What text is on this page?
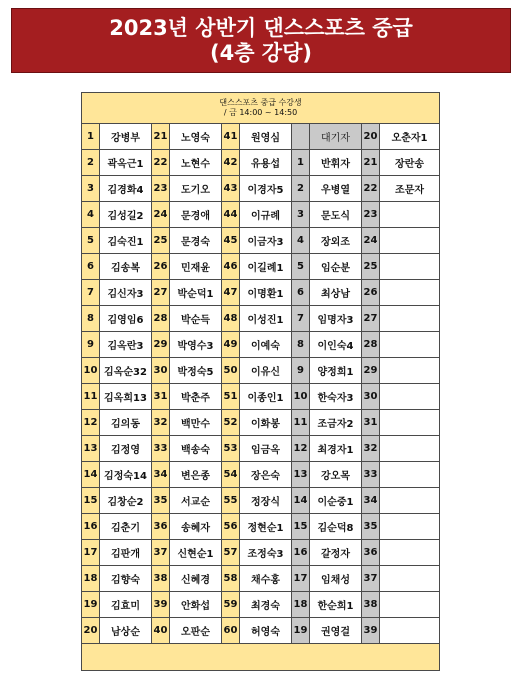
2023년 상반기 댄스스포츠 중급
(4층 강당)
댄스스포츠 중급 수강생
/ 금 14:00 ~ 14:50									

1	강병부	21	노영숙	41	원영심		대기자	20	오춘자1
2	곽옥근1	22	노현수	42	유용섭	1	반휘자	21	장란송
3	김경화4	23	도기오	43	이경자5	2	우병열	22	조문자
4	김성길2	24	문경애	44	이규례	3	문도식	23	
5	김숙진1	25	문경숙	45	이금자3	4	장외조	24	
6	김송복	26	민재윤	46	이길례1	5	임순분	25	
7	김신자3	27	박순덕1	47	이명환1	6	최상남	26	
8	김영임6	28	박순득	48	이성진1	7	임명자3	27	
9	김옥란3	29	박영수3	49	이예숙	8	이인숙4	28	
10	김옥순32	30	박정숙5	50	이유신	9	양정희1	29	
11	김옥희13	31	박춘주	51	이종인1	10	한숙자3	30	
12	김의동	32	백만수	52	이화봉	11	조금자2	31	
13	김정영	33	백송숙	53	임금옥	12	최경자1	32	
14	김정숙14	34	변은종	54	장은숙	13	강오목	33	
15	김창순2	35	서교순	55	정장식	14	이순중1	34	
16	김춘기	36	송혜자	56	정현순1	15	김순덕8	35	
17	김판개	37	신현순1	57	조정숙3	16	갈정자	36	
18	김향숙	38	신혜경	58	채수홍	17	임채성	37	
19	김효미	39	안화섭	59	최경숙	18	한순희1	38	
20	남상순	40	오판순	60	허영숙	19	권영걸	39	
